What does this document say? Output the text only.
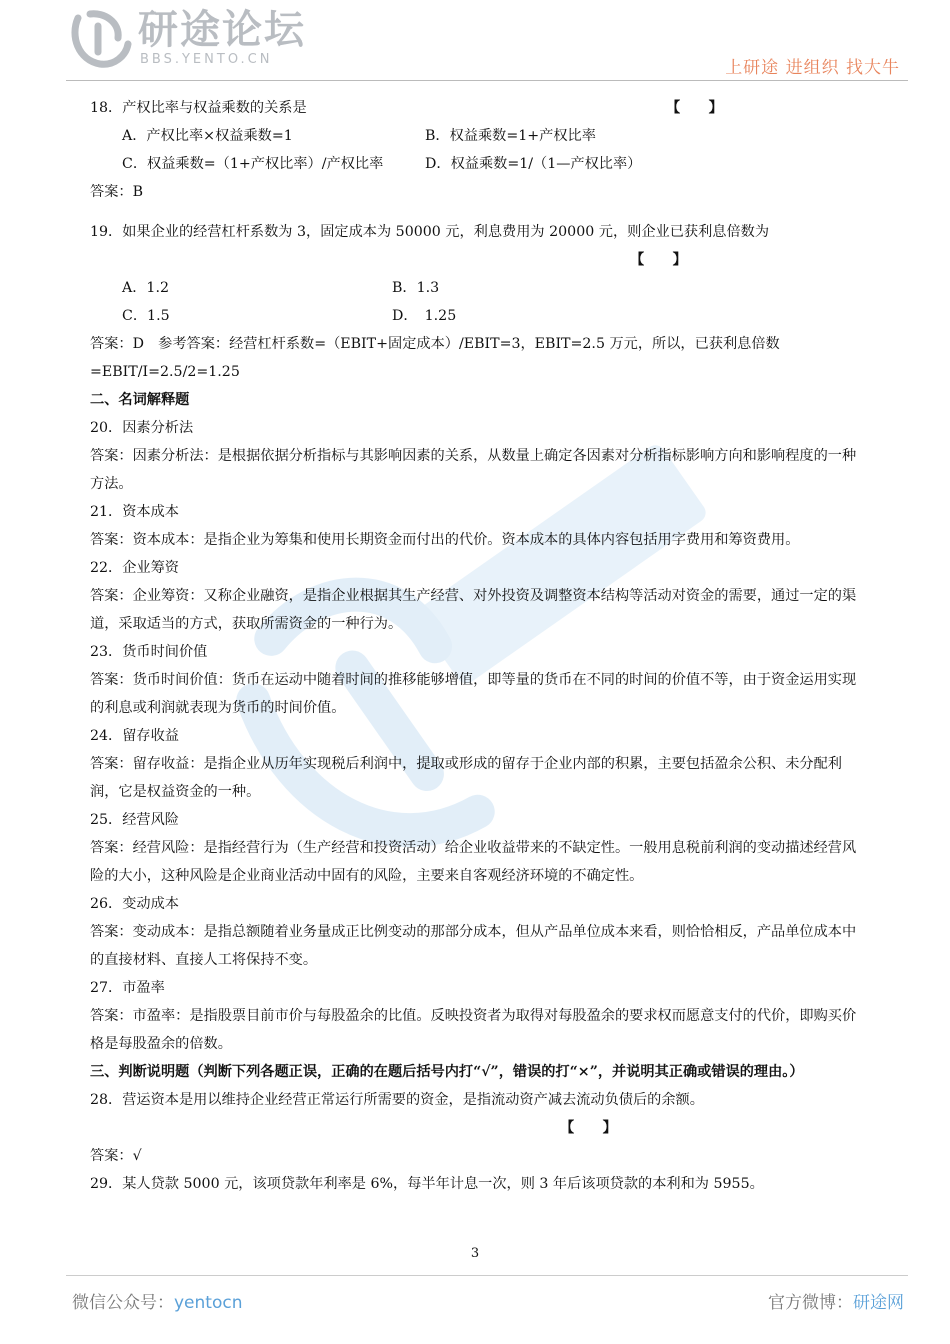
研途论坛
BBS.YENTO.CN	上研途 进组织 找大牛
18．产权比率与权益乘数的关系是	【　　】
A．产权比率×权益乘数=1	B．权益乘数=1+产权比率
C．权益乘数=（1+产权比率）/产权比率	D．权益乘数=1/（1—产权比率）
答案：B
19．如果企业的经营杠杆系数为 3，固定成本为 50000 元，利息费用为 20000 元，则企业已获利息倍数为
【　　】
A．1.2	B．1.3
C．1.5	D．　1.25
答案：D　参考答案：经营杠杆系数=（EBIT+固定成本）/EBIT=3，EBIT=2.5 万元，所以，已获利息倍数
=EBIT/I=2.5/2=1.25
二、名词解释题
20．因素分析法
答案：因素分析法：是根据依据分析指标与其影响因素的关系，从数量上确定各因素对分析指标影响方向和影响程度的一种方法。
21．资本成本
答案：资本成本：是指企业为筹集和使用长期资金而付出的代价。资本成本的具体内容包括用字费用和筹资费用。
22．企业筹资
答案：企业筹资：又称企业融资，是指企业根据其生产经营、对外投资及调整资本结构等活动对资金的需要，通过一定的渠道，采取适当的方式，获取所需资金的一种行为。
23．货币时间价值
答案：货币时间价值：货币在运动中随着时间的推移能够增值，即等量的货币在不同的时间的价值不等，由于资金运用实现的利息或利润就表现为货币的时间价值。
24．留存收益
答案：留存收益：是指企业从历年实现税后利润中，提取或形成的留存于企业内部的积累，主要包括盈余公积、未分配利润，它是权益资金的一种。
25．经营风险
答案：经营风险：是指经营行为（生产经营和投资活动）给企业收益带来的不缺定性。一般用息税前利润的变动描述经营风险的大小，这种风险是企业商业活动中固有的风险，主要来自客观经济环境的不确定性。
26．变动成本
答案：变动成本：是指总额随着业务量成正比例变动的那部分成本，但从产品单位成本来看，则恰恰相反，产品单位成本中的直接材料、直接人工将保持不变。
27．市盈率
答案：市盈率：是指股票目前市价与每股盈余的比值。反映投资者为取得对每股盈余的要求权而愿意支付的代价，即购买价格是每股盈余的倍数。
三、判断说明题（判断下列各题正误，正确的在题后括号内打“√”，错误的打“×”，并说明其正确或错误的理由。）
28．营运资本是用以维持企业经营正常运行所需要的资金，是指流动资产减去流动负债后的余额。
【　　】
答案：√
29．某人贷款 5000 元，该项贷款年利率是 6%，每半年计息一次，则 3 年后该项贷款的本利和为 5955。
3
微信公众号：yentocn	官方微博：研途网
